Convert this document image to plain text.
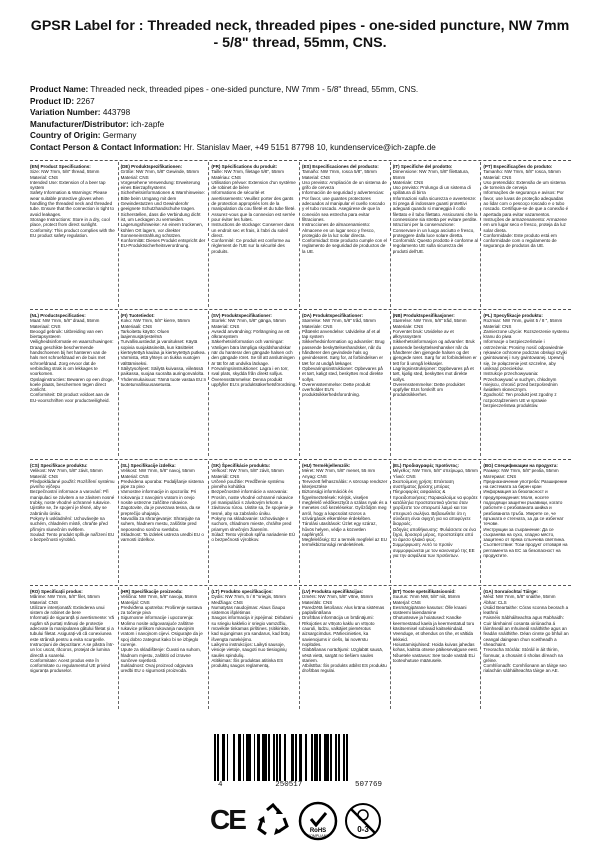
GPSR Label for : Threaded neck, threaded pipes - one-sided puncture, NW 7mm - 5/8" thread, 55mm, CNS.
Product Name: Threaded neck, threaded pipes - one-sided puncture, NW 7mm - 5/8" thread, 55mm, CNS.
Product ID: 2267
Variation Number: 443798
Manufacturer/Distributor: ich-zapfe
Country of Origin: Germany
Contact Person & Contact Information: Hr. Stanislav Maer, +49 5151 87798 10, kundenservice@ich-zapfe.de
(EN) Product Specifications:
Size: NW 7mm, 5/8" thread, 55mm
Material: CNS
Intended Use: Extension of a beer tap system
Safety Information & Warnings: Please wear suitable protective gloves when handling the threaded neck and threaded tube. Ensure that the connection is tight to avoid leakages.
Storage Instructions: Store in a dry, cool place, protect from direct sunlight.
Conformity: This product complies with the EU product safety regulation.
(DE) Produktspezifikationen:
Größe: NW 7mm, 5/8" Gewinde, 55mm
Material: CNS
Vorgesehene Verwendung: Erweiterung eines Bierzapfsystems
Sicherheitsinformationen & Warnhinweise: Bitte beim Umgang mit dem Gewindestutzen und Gewinderohr geeignete Schutzhandschuhe tragen. Sicherstellen, dass die Verbindung dicht ist, um Leckagen zu vermeiden.
Lagerungshinweise: An einem trockenen, kühlen Ort lagern, vor direkter Sonneneinstrahlung schützen.
Konformität: Dieses Produkt entspricht der EU-Produktsicherheitsverordnung.
(FR) Spécifications du produit:
Taille: NW 7mm, filetage 5/8", 55mm
Matériau: CNS
Utilisation prévue: Extension d'un système de robinet de bière
Informations de sécurité et avertissements: Veuillez porter des gants de protection appropriés lors de la manipulation du cou fileté et du tube fileté. Assurez-vous que la connexion est serrée pour éviter les fuites.
Instructions de stockage: Conserver dans un endroit sec et frais, à l'abri du soleil direct.
Conformité: Ce produit est conforme au règlement de l'UE sur la sécurité des produits.
(ES) Especificaciones del producto:
Tamaño: NW 7mm, rosca 5/8", 55mm
Material: CNS
Uso previsto: Ampliación de un sistema de grifo de cerveza
Información de seguridad y advertencias: Por favor, use guantes protectores adecuados al manipular el cuello roscado y el tubo roscado. Asegúrese de que la conexión sea estrecha para evitar filtraciones.
Instrucciones de almacenamiento: Almacene en un lugar seco y fresco, protegido de la luz solar directa.
Conformidad: Este producto cumple con el reglamento de seguridad de productos de la UE.
(IT) Specifiche del prodotto:
Dimensione: NW 7mm, 5/8" filettatura, 55mm
Materiale: CNS
Uso previsto: Prolungo di un sistema di spillatura di birra
Informazioni sulla sicurezza e avvertenze: Si prega di indossare guanti protettivi adeguati quando si maneggia il collo filettato e il tubo filettato. Assicurarsi che la connessione sia stretta per evitare perdite.
Istruzioni per la conservazione: Conservare in un luogo asciutto e fresco, proteggere dalla luce solare diretta.
Conformità: Questo prodotto è conforme al regolamento UE sulla sicurezza dei prodotti dell'UE.
(PT) Especificações do produto:
Tamanho: NW 7mm, 5/8" rosca, 55mm
Material: CNS
Uso pretendido: Extensão de um sistema de torneira de cerveja
Informações de segurança e avisos: Por favor, use luvas de proteção adequadas ao lidar com o pescoço roscado e o tubo roscado. Certifique-se de que a conexão é apertada para evitar vazamentos.
Instruções de armazenamento: Armazene em um lugar seco e fresco, proteja da luz solar direta.
Conformidade: Este produto está em conformidade com o regulamento de segurança de produtos da UE.
(NL) Productspecificaties:
Maat: NW 7mm, 5/8" draad, 55mm
Materiaal: CNS
Beoogd gebruik: Uitbreiding van een biertapsysteem
Veiligheidsinformatie en waarschuwingen: Draag geschikte beschermende handschoenen bij het hanteren van de hals met schroefdraad en de buis met schroefdraad. Zorg ervoor dat de verbinding strak is om lekkages te voorkomen.
Opslaginstructies: Bewaren op een droge, koele plaats, beschermen tegen direct zonlicht.
Conformiteit: Dit product voldoet aan de EU-voorschriften voor productveiligheid.
(FI) Tuotetiedot:
Koko: NW 7mm, 5/8" kierre, 55mm
Materiaali: CNS
Tarkoitettu käyttö: Oluen laajennusjärjestelmä
Turvallisuustiedot ja varoitukset: Käytä sopivia suojakäsineitä, kun käsittelet kierteytettyä kaulaa ja kierteytettyä putkea. Varmista, että yhteys on tiukka vuotojen välttämiseksi.
Säilytysohjeet: Säilytä kuivassa, viileässä paikassa, suojaa suoralta auringonvalolta.
Yhdenmukaisuus: Tämä tuote vastaa EU:n tuoteturvallisuusasetusta.
(SV) Produktspecifikationer:
Storlek: NW 7mm, 5/8" gänga, 55mm
Material: CNS
Avsedd användning: Förlängning av ett ölkransystem
Säkerhetsinformation och varningar: Vänligen bära lämpliga skyddshandskar när du hanterar den gängade halsen och den gängade röret. Se till att anslutningen är tät för att undvika läckage.
Förvaringsinstruktioner: Lagra i en torr, sval plats, skydda från direkt solljus.
Överensstämmelse: Denna produkt uppfyller EU:s produktsäkerhetsförordning.
(DA) Produktspecifikationer:
Størrelse: NW 7mm, 5/8" tråd, 55mm
Materiale: CNS
Påtænkt anvendelse: Udvidelse af et øl tap system
Sikkerhedsinformation og advarsler: Brug passende beskyttelseshandsker, når du håndterer den gevindede hals og gevinderøret. Sørg for, at forbindelsen er tæt for at undgå lækager.
Opbevaringsinstruktioner: Opbevares på et tørt, køligt sted, beskyttes mod direkte sollys.
Overensstemmelse: Dette produkt overholder EU's produktsikkerhedsforordning.
(NB) Produktspesifikasjoner:
Størrelse: NW 7mm, 5/8" tråd, 55mm
Materiale: CNS
Forventet bruk: Utvidelse av et ølkrysssystem
Sikkerhetsinformasjon og advarsler: Bruk passende beskyttelseshansker når du håndterer den gjengede halsen og det gjengede røret. Sørg for at forbindelsen er tett for å unngå lekkasjer.
Lagringsinstruksjoner: Oppbevares på et tørt, kjølig sted, beskyttes mot direkte sollys.
Overensstemmelse: Dette produktet oppfyller EUs forskrift om produktsikkerhet.
(PL) Specyfikacje produktu:
Rozmiar: NW 7mm, gwint 5 / 8 ", 55mm
Materiał: CNS
Zamierzone użycie: Rozszerzenie systemu kranu do piwa
Informacje o bezpieczeństwie i ostrzeżenia: Prosimy nosić odpowiednie rękawice ochronne podczas obsługi szyjki gwintowanej i rury gwintowanej. Upewnij się, że połączenie jest szczelne, aby uniknąć przecieków.
Instrukcje przechowywania: Przechowywać w suchym, chłodnym miejscu, chronić przed bezpośrednim światłem słonecznym.
Zgodność: Ten produkt jest zgodny z rozporządzeniem UE w sprawie bezpieczeństwa produktów.
(CS) Specifikace produktu:
Velikost: NW 7mm, 5/8" závit, 55mm
Materiál: CNS
Předpokládané použití: Rozšíření systému pivního výčepu
Bezpečnostní informace a varování: Při manipulaci se závitem a se závitem nosné trubky, noste vhodné ochranné rukavice. Ujistěte se, že spojení je těsné, aby se zabránilo úniku.
Pokyny k uskladnění: Uchovávejte na suchém, chladném místě, chraňte před přímým slunečním světlem.
Soulad: Tento produkt splňuje nařízení EU o bezpečnosti výrobků.
(SL) Specifikacije izdelka:
Velikost: NW 7mm, 5/8" navoj, 55mm
Material: CNS
Predvidena uporaba: Podaljšanje sistema pipe za pivo
Varnostne informacije in opozorila: Pri rokovanju z navojnim vratom in cevjo nosite ustrezne zaščitne rokavice. Zagotovite, da je povezava tesna, da se preprečijo uhajanja.
Navodila za shranjevanje: Shranjujte na suhem, hladnem mestu, zaščitite pred neposredno sončno svetlobo.
Skladnost: Ta izdelek ustreza uredbi EU o varnosti izdelkov.
(SK) Špecifikácie produktu:
Veľkosť: NW 7mm, 5/8" závit, 55mm
Materiál: CNS
Určené použitie: Predĺženie systému pivného kohútika
Bezpečnostné informácie a varovania: Prosím, noste vhodné ochranné rukavice pri manipulácii s závitovým krkom a závitovou rúrou. Uistite sa, že spojenie je tesné, aby sa zabránilo úniku.
Pokyny na skladovanie: Uchovávajte v suchom, chladnom mieste, chráňte pred priamym slnečným žiarením.
Súlad: Tento výrobok spĺňa nariadenie EÚ o bezpečnosti výrobkov.
(HU) Termékjellemzők:
Méret: NW 7mm, 5/8" menet, 55 mm
Anyag: CNS
Tervezett felhasználás: A sörcsap rendszer kiterjesztése
Biztonsági információk és figyelmeztetések: Kérjük, viseljen megfelelő védőkesztyűt a szálas nyak és a menetes cső kezelésekor. Győződjön meg arról, hogy a kapcsolat szoros a szivárgások elkerülése érdekében.
Tárolási utasítások: Üzlet egy száraz, hűvös helyen, védje a közvetlen napfénytől.
Megfelelőség: Ez a termék megfelel az EU termékbiztonsági rendeletének.
(EL) Προδιαγραφές προϊόντος:
Μέγεθος: NW 7mm, 5/8" σπείρωμα, 55mm
Υλικό: CNS
Σκοπούμενη χρήση: Επέκταση συστήματος βρύσης μπύρας
Πληροφορίες ασφαλείας & προειδοποιήσεις: Παρακαλούμε να φοράτε κατάλληλα προστατευτικά γάντια όταν χειρίζεστε τον σπειρωτό λαιμό και τον σπειρωτό σωλήνα. Βεβαιωθείτε ότι η σύνδεση είναι σφιχτή για να αποφύγετε διαρροές.
Οδηγίες αποθήκευσης: Φυλάσσετε σε ένα ξηρό, δροσερό μέρος, προστατέψτε από το άμεσο ηλιακό φως.
Συμμόρφωση: Αυτό το προϊόν συμμορφώνεται με τον κανονισμό της ΕΕ για την ασφάλεια των προϊόντων.
(BG) Спецификации на продукта:
Размер: NW 7mm, 5/8" резба, 55mm
Материал: CNS
Предназначение употреба: Разширение на системата за бирен кран
Информация за безопасност и предупреждения: Моля, носете подходящи защитни ръкавици, когато работите с резбованата шийка и резбованата тръба. Уверете се, че връзката е стегната, за да се избегнат течове.
Инструкции за съхранение: Да се съхранява на сухо, хладно място, защитено от пряка слънчева светлина.
Съответствие: Този продукт отговаря на регламента на ЕС за безопасност на продуктите.
(RO) Specificații produs:
Mărime: NW 7mm, 5/8" filet, 55mm
Material: CNS
Utilizare intenționată: Extinderea unui sistem de robinet de bere
Informații de siguranță și avertismente: Vă rugăm să purtați mănuși de protecție adecvate la manipularea gâtului filetat și a tubului filetat. Asigurați-vă că conexiunea este strânsă pentru a evita scurgerile.
Instrucțiuni de depozitare: A se păstra într-un loc uscat, răcoros, protejat de lumina directă a soarelui.
Conformitate: Acest produs este în conformitate cu regulamentul UE privind siguranța produselor.
(HR) Specifikacije proizvoda:
Veličina: NW 7mm, 5/8" navoja, 55mm
Materijal: CNS
Predviđena upotreba: Proširenje sustava za točenje piva
Sigurnosne informacije i upozorenja: Molimo nosite odgovarajuće zaštitne rukavice prilikom rukovanja navojnim vratom i navojnom cijevi. Osigurajte da je spoj dobro zategnut kako bi se izbjeglo curenje.
Upute za skladištenje: Čuvati na suhom, hladnom mjestu, zaštititi od izravne sunčeve svjetlosti.
Sukladnost: Ovaj proizvod odgovara uredbi EU o sigurnosti proizvoda.
(LT) Produkto specifikacijos:
Dydis: NW 7mm, 5 / 8 "sriegis, 55mm
Medžiaga: CNS
Numatytas naudojimas: Alaus čiaupo sistemos išplėtimas
Saugos informacija ir įspėjimai: Dirbdami su sriegiu kaklelio ir sriegio vamzdžiu, mūvėkite tinkamas pirštines. Įsitikinkite, kad sujungimas yra sandarus, kad būtų išvengta nutekėjimo.
Laikymo instrukcijos: Laikyti sausoje, vėsioje vietoje, saugoti nuo tiesioginių saulės spindulių.
Atitikimas: Šis produktas atitinka ES produktų saugos reglamentą.
(LV) Produkta specifikācijas:
Izmērs: NW 7mm, 5/8" vītne, 55mm
Materiāls: CNS
Paredzētā lietošana: Alus krāna sistēmas paplašināšana
Drošības informācija un brīdinājumi: Rīkojoties ar vītņoto kaklu un vītņoto cauruli, lūdzu, valkājiet piemērotus aizsargcimdus. Pārliecinieties, ka savienojums ir ciešs, lai novērstu noplūdes.
Glabāšanas norādījumi: Uzglabāt sausā, vēsā vietā, sargāt no tiešiem saules stariem.
Atbilstība: Šis produkts atbilst ES produktu drošības regulai.
(ET) Toote spetsifikatsioonid:
Suurus: 7mm NW, 5/8" niit, 55mm
Materjal: CNS
Eesmärgipärane kasutus: Õlle kraani süsteemi laiendamine
Ohutusteave ja hoiatused: Kandke keermestatud kaela ja keermestatud toru käsitsemisel sobivaid kaitsekindaid. Veenduge, et ühendus on tihe, et vältida lekkeid.
Hoiustamisjuhised: Hoida kuivas jahedas kohas, kaitsta otsese päikesevalguse eest.
Nõuetele vastavus: See toode vastab ELi tooteohutuse määrusele.
(GA) Sonraíochtaí Táirge:
Méid: NW 7mm, 5/8" snáithe, 55mm
Ábhar: CLS
Úsáid Beartaithe: Córas sconna beorach a leathnú
Faisnéis Sábháilteachta agus Rabhaidh: Cuir lámhainní cosanta oiriúnacha á láimhseáil an mhuineál snáithithe agus an feadán snáithithe. Déan cinnte go bhfuil an ceangal daingean chun sceitheadh a sheachaint.
Treoracha Stórála: Stóráil in áit thirim, fionnuar, a chosaint ó sholas díreach na gréine.
Comhlíonadh: Comhlíonann an táirge seo rialachán sábháilteachta táirge an AE.
4	250517	507769
CE	RoHS
COMPLIANT
0-3
